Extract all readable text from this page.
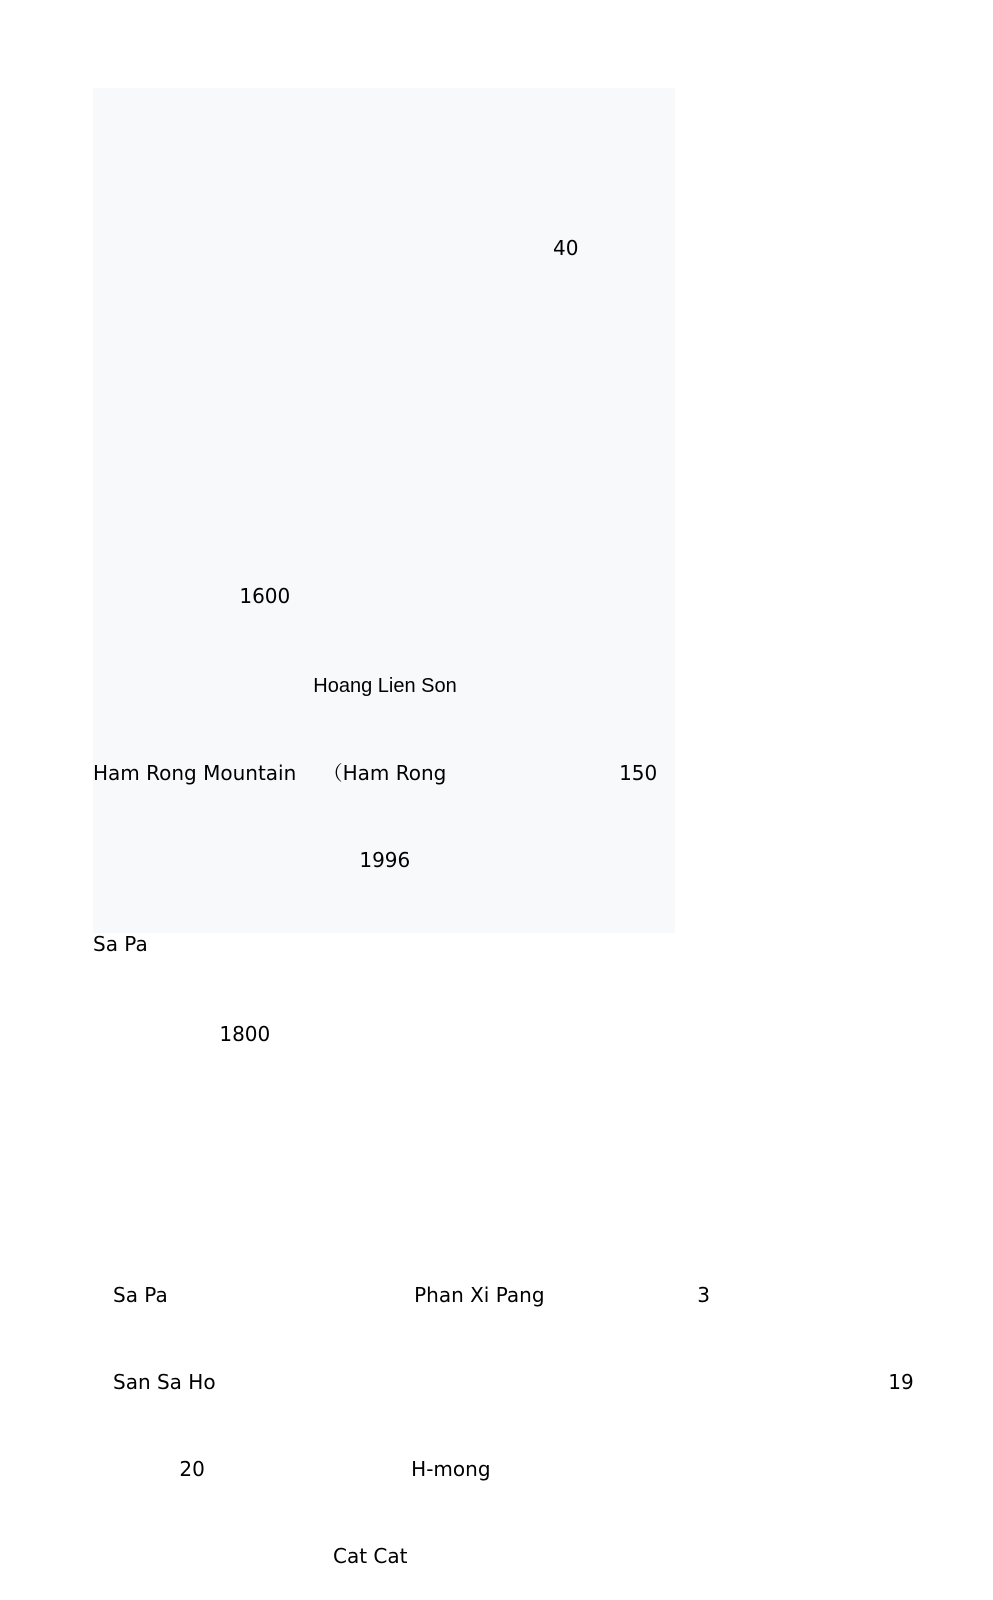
　　　　　　　　　　　　　　　　　　　　　　　40 　　　　　　　　　　　　　　　　　　　　

　　　　　　　 1600 　　　　　　　　　　　　　　　　　　　　　　　　　　　　　　　　　

Sa Pa 　　　　　　　　　　　　　　　　　　　　　　　　　　　　　　　　　　　　　　　　

Hoang Lien Son

Ham Rong Mountain　 （Ham Rong 　　　　　　　　 150 　　

　　　　　　　　　　　　　 1996 　　　　　　　　　　　　　　　　　　　　　　　　　　　　

　　　　　　 1800 　　　　　　　　　　　　　　　　　　　　　　　　　　　　　　　　　　

　Sa Pa 　　　　　　　　　　　　Phan Xi Pang 　　　　　　　 3 　　　　　

　San Sa Ho 　　　　　　　　　　　　　　　　　　　　　　　　　　　　　　　　　 19

　　　　 20 　　　　　　　　　　H-mong 　　　　　　　　　　　　　　　　　　　　　

　　　　　　　　　　　　Cat Cat 　　　　　　　　　　　　　　　　　　　
